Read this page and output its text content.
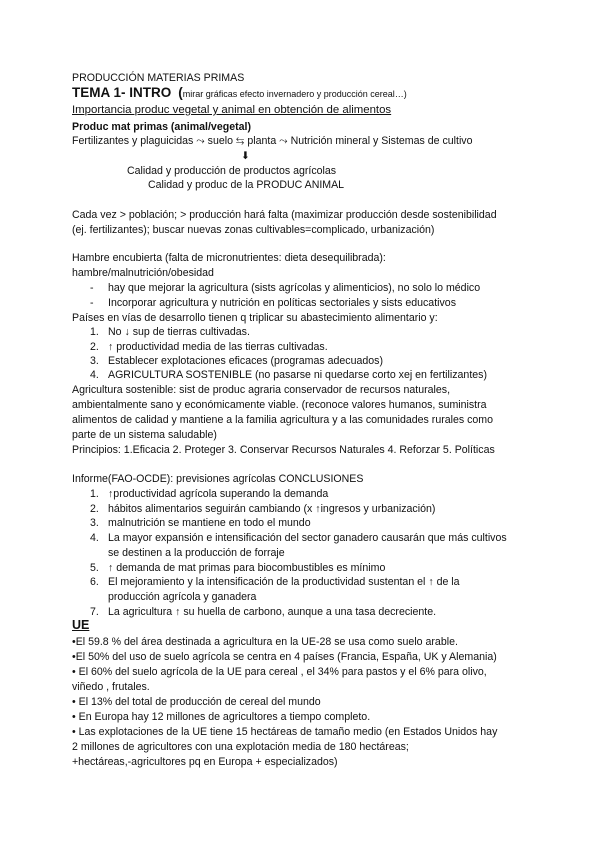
PRODUCCIÓN MATERIAS PRIMAS
TEMA 1- INTRO (mirar gráficas efecto invernadero y producción cereal…)
Importancia produc vegetal y animal en obtención de alimentos
Produc mat primas (animal/vegetal)
Fertilizantes y plaguicidas ⤳ suelo ⇆ planta ⤳ Nutrición mineral y Sistemas de cultivo
⬇
Calidad y producción de productos agrícolas
Calidad y produc de la PRODUC ANIMAL
Cada vez > población; > producción hará falta (maximizar producción desde sostenibilidad
(ej. fertilizantes); buscar nuevas zonas cultivables=complicado, urbanización)
Hambre encubierta (falta de micronutrientes: dieta desequilibrada):
hambre/malnutrición/obesidad
- hay que mejorar la agricultura (sists agrícolas y alimenticios), no solo lo médico
- Incorporar agricultura y nutrición en políticas sectoriales y sists educativos
Países en vías de desarrollo tienen q triplicar su abastecimiento alimentario y:
1. No ↓ sup de tierras cultivadas.
2. ↑ productividad media de las tierras cultivadas.
3. Establecer explotaciones eficaces (programas adecuados)
4. AGRICULTURA SOSTENIBLE (no pasarse ni quedarse corto xej en fertilizantes)
Agricultura sostenible: sist de produc agraria conservador de recursos naturales,
ambientalmente sano y económicamente viable. (reconoce valores humanos, suministra
alimentos de calidad y mantiene a la familia agricultura y a las comunidades rurales como
parte de un sistema saludable)
Principios: 1.Eficacia 2. Proteger 3. Conservar Recursos Naturales 4. Reforzar 5. Políticas
Informe(FAO-OCDE): previsiones agrícolas CONCLUSIONES
1. ↑productividad agrícola superando la demanda
2. hábitos alimentarios seguirán cambiando (x ↑ingresos y urbanización)
3. malnutrición se mantiene en todo el mundo
4. La mayor expansión e intensificación del sector ganadero causarán que más cultivos
se destinen a la producción de forraje
5. ↑ demanda de mat primas para biocombustibles es mínimo
6. El mejoramiento y la intensificación de la productividad sustentan el ↑ de la
producción agrícola y ganadera
7. La agricultura ↑ su huella de carbono, aunque a una tasa decreciente.
UE
•El 59.8 % del área destinada a agricultura en la UE-28 se usa como suelo arable.
•El 50% del uso de suelo agrícola se centra en 4 países (Francia, España, UK y Alemania)
• El 60% del suelo agrícola de la UE para cereal , el 34% para pastos y el 6% para olivo,
viñedo , frutales.
• El 13% del total de producción de cereal del mundo
• En Europa hay 12 millones de agricultores a tiempo completo.
• Las explotaciones de la UE tiene 15 hectáreas de tamaño medio (en Estados Unidos hay
2 millones de agricultores con una explotación media de 180 hectáreas;
+hectáreas,-agricultores pq en Europa + especializados)
